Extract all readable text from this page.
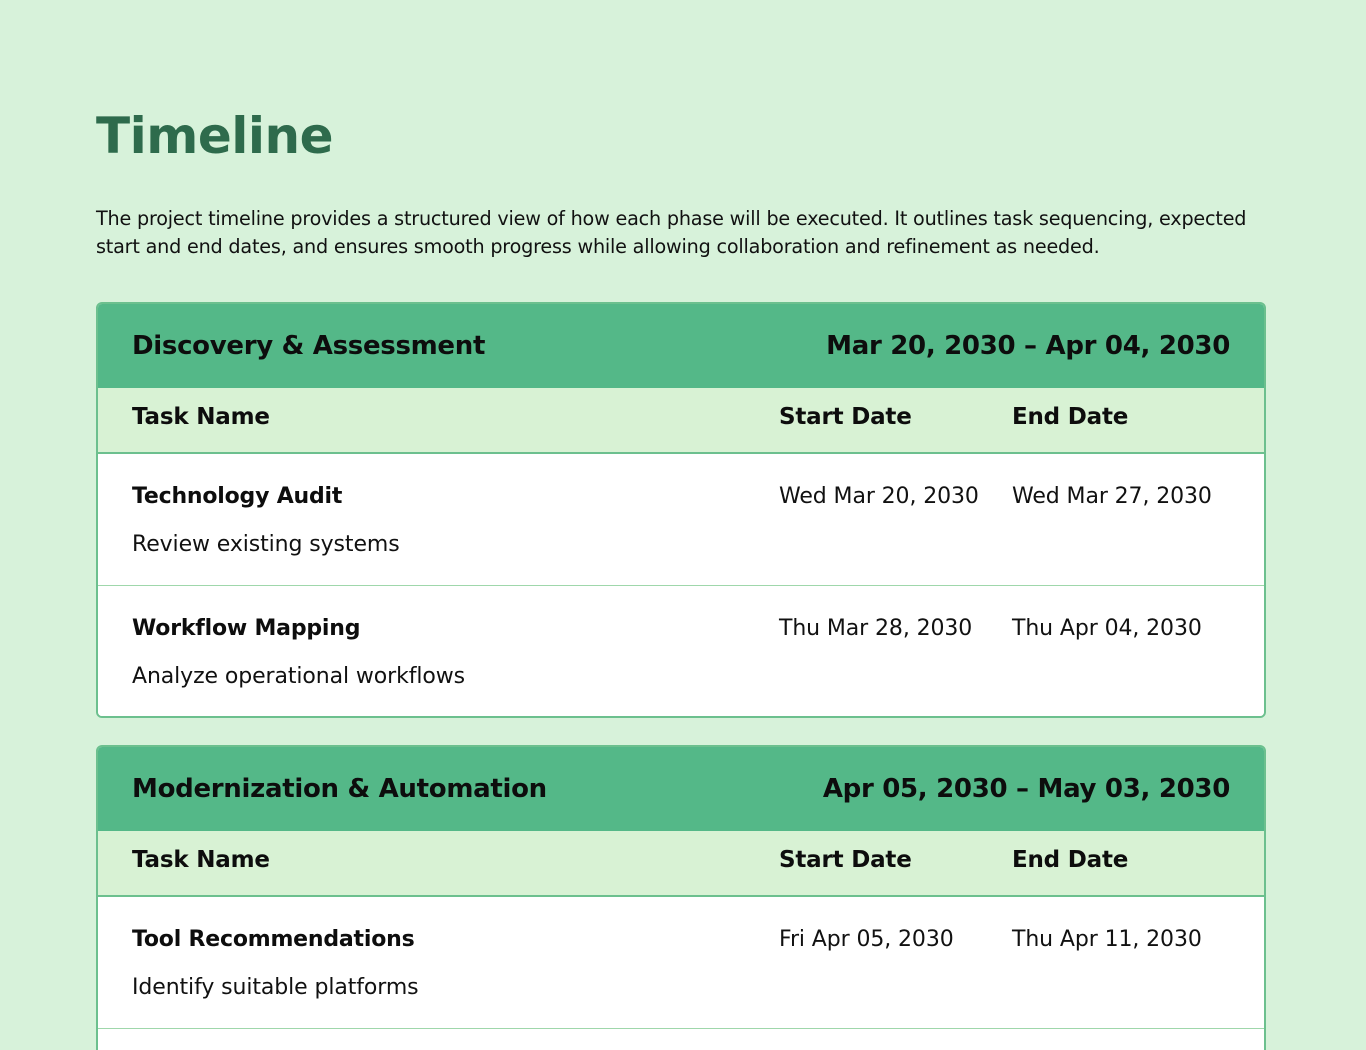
Timeline

The project timeline provides a structured view of how each phase will be executed. It outlines task sequencing, expected start and end dates, and ensures smooth progress while allowing collaboration and refinement as needed.

Discovery & Assessment	Mar 20, 2030 – Apr 04, 2030
Task Name	Start Date	End Date
Technology Audit
Review existing systems
Wed Mar 20, 2030 Wed Mar 27, 2030
Workflow Mapping
Analyze operational workflows
Thu Mar 28, 2030 Thu Apr 04, 2030
Modernization & Automation	Apr 05, 2030 – May 03, 2030
Task Name	Start Date	End Date
Tool Recommendations
Identify suitable platforms
Fri Apr 05, 2030	Thu Apr 11, 2030
